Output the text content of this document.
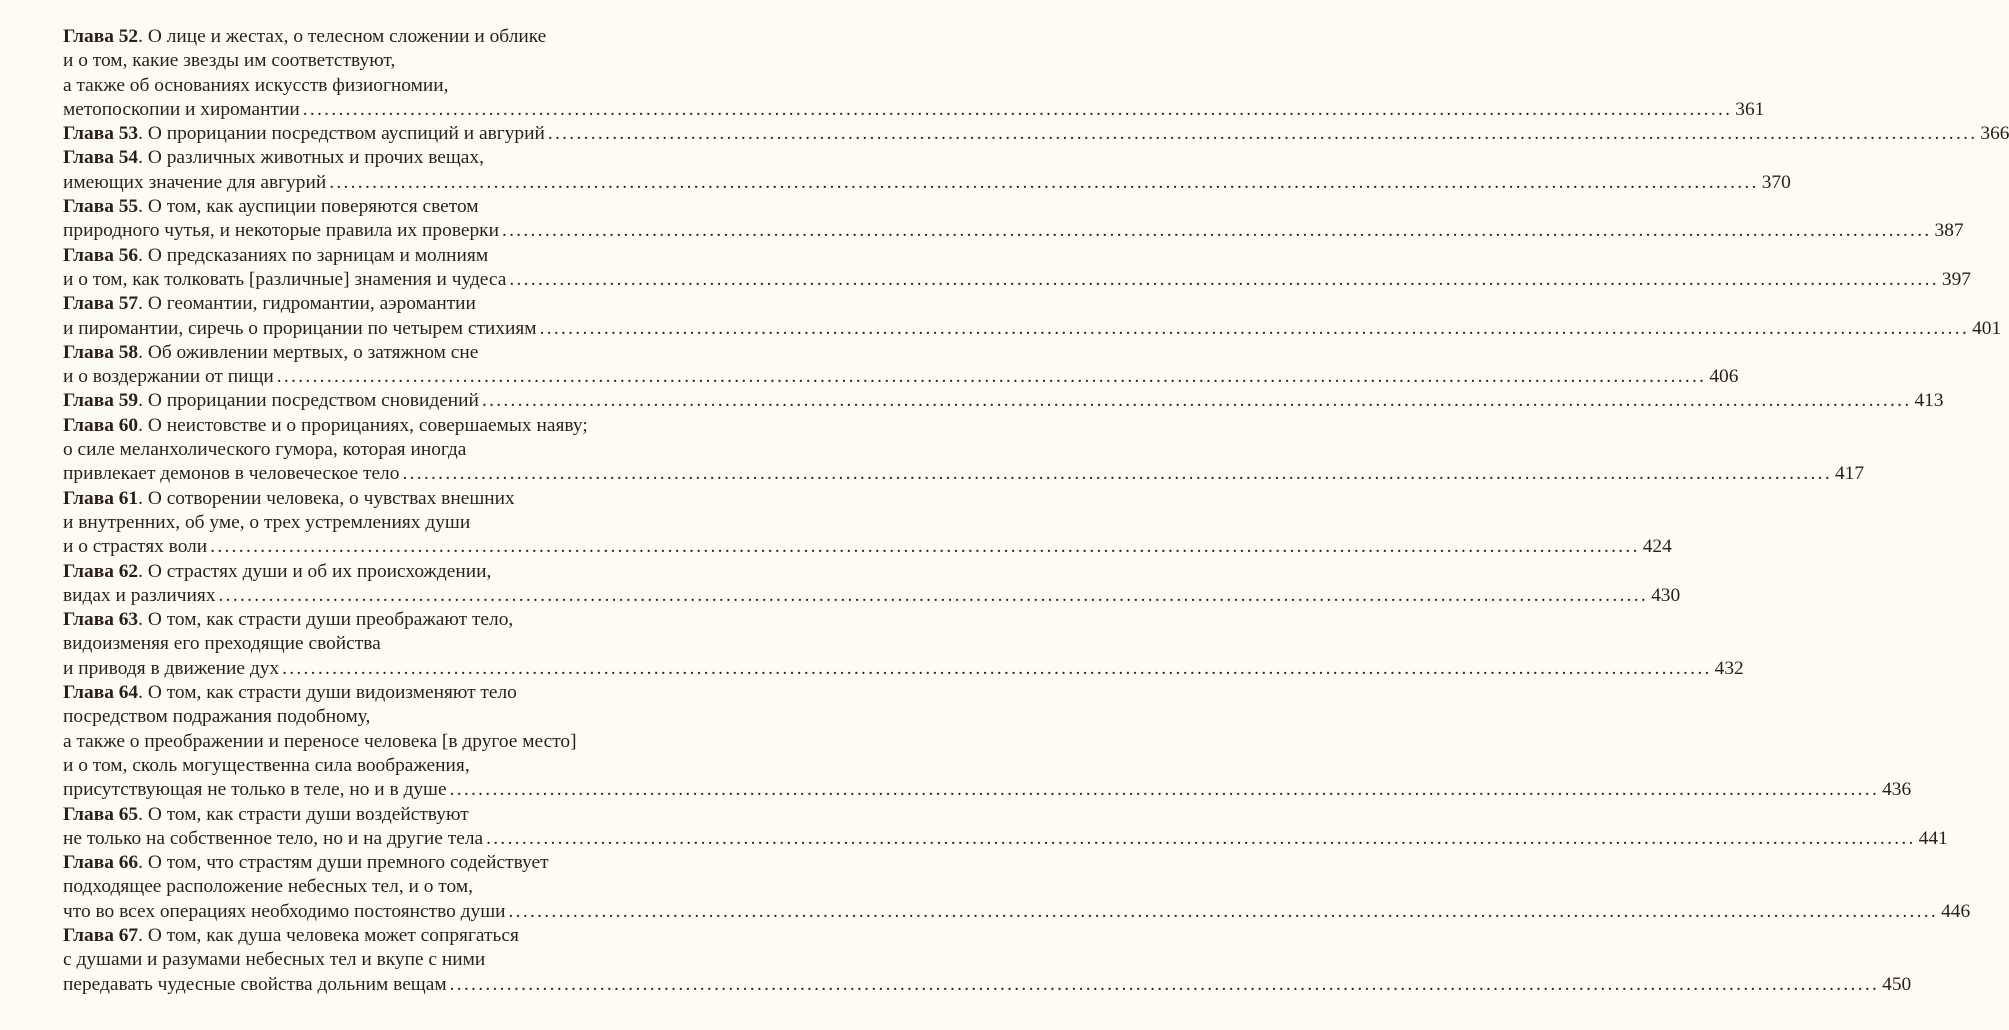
Глава 52 . О лице и жестах, о телесном сложении и облике
и о том, какие звезды им соответствуют,
а также об основаниях искусств физиогномии,
метопоскопии и хиромантии ........................................................................................................................................................................................................ 361
Глава 53 . О прорицании посредством ауспиций и авгурий ........................................................................................................................................................................................................ 366
Глава 54 . О различных животных и прочих вещах,
имеющих значение для авгурий ........................................................................................................................................................................................................ 370
Глава 55 . О том, как ауспиции поверяются светом
природного чутья, и некоторые правила их проверки ........................................................................................................................................................................................................ 387
Глава 56 . О предсказаниях по зарницам и молниям
и о том, как толковать [различные] знамения и чудеса ........................................................................................................................................................................................................ 397
Глава 57 . О геомантии, гидромантии, аэромантии
и пиромантии, сиречь о прорицании по четырем стихиям ........................................................................................................................................................................................................ 401
Глава 58 . Об оживлении мертвых, о затяжном сне
и о воздержании от пищи ........................................................................................................................................................................................................ 406
Глава 59 . О прорицании посредством сновидений ........................................................................................................................................................................................................ 413
Глава 60 . О неистовстве и о прорицаниях, совершаемых наяву;
о силе меланхолического гумора, которая иногда
привлекает демонов в человеческое тело ........................................................................................................................................................................................................ 417
Глава 61 . О сотворении человека, о чувствах внешних
и внутренних, об уме, о трех устремлениях души
и о страстях воли ........................................................................................................................................................................................................ 424
Глава 62 . О страстях души и об их происхождении,
видах и различиях ........................................................................................................................................................................................................ 430
Глава 63 . О том, как страсти души преображают тело,
видоизменяя его преходящие свойства
и приводя в движение дух ........................................................................................................................................................................................................ 432
Глава 64 . О том, как страсти души видоизменяют тело
посредством подражания подобному,
а также о преображении и переносе человека [в другое место]
и о том, сколь могущественна сила воображения,
присутствующая не только в теле, но и в душе ........................................................................................................................................................................................................ 436
Глава 65 . О том, как страсти души воздействуют
не только на собственное тело, но и на другие тела ........................................................................................................................................................................................................ 441
Глава 66 . О том, что страстям души премного содействует
подходящее расположение небесных тел, и о том,
что во всех операциях необходимо постоянство души ........................................................................................................................................................................................................ 446
Глава 67 . О том, как душа человека может сопрягаться
с душами и разумами небесных тел и вкупе с ними
передавать чудесные свойства дольним вещам ........................................................................................................................................................................................................ 450
